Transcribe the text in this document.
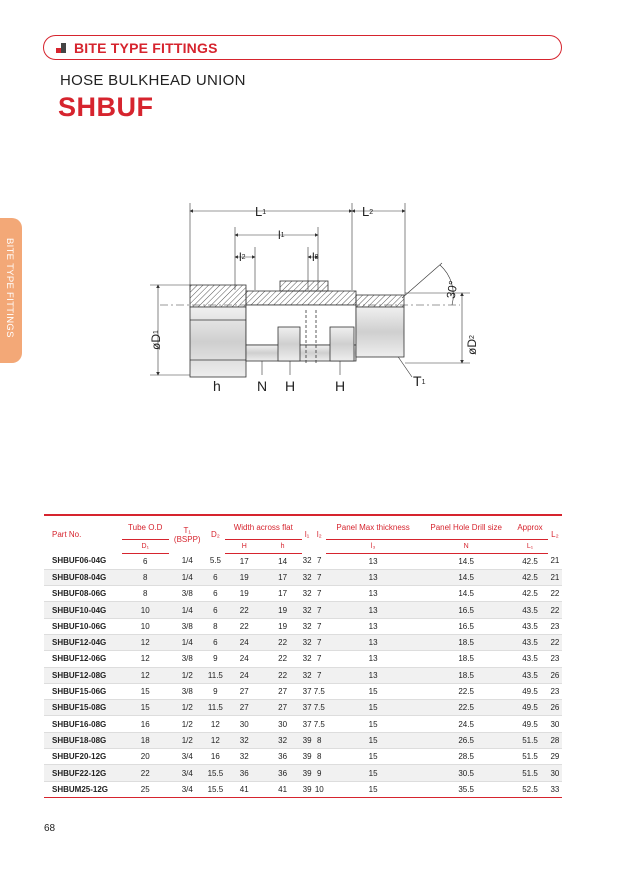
BITE TYPE FITTINGS
HOSE BULKHEAD UNION
SHBUF
BITE TYPE FITTINGS
L1	L2
l1
l2	l3
30°
øD1
øD2
h	N H	H	T1
Part No.	Tube O.D	T₁
(BSPP)	D₂	Width across flat		l₁	l₂	Panel Max thickness	Panel Hole Drill size	Approx	L₂
	D₁			H	h			l₃	N	L₁	
SHBUF06-04G	6	1/4	5.5	17	14	32	7	13	14.5	42.5	21
SHBUF08-04G	8	1/4	6	19	17	32	7	13	14.5	42.5	21
SHBUF08-06G	8	3/8	6	19	17	32	7	13	14.5	42.5	22
SHBUF10-04G	10	1/4	6	22	19	32	7	13	16.5	43.5	22
SHBUF10-06G	10	3/8	8	22	19	32	7	13	16.5	43.5	23
SHBUF12-04G	12	1/4	6	24	22	32	7	13	18.5	43.5	22
SHBUF12-06G	12	3/8	9	24	22	32	7	13	18.5	43.5	23
SHBUF12-08G	12	1/2	11.5	24	22	32	7	13	18.5	43.5	26
SHBUF15-06G	15	3/8	9	27	27	37	7.5	15	22.5	49.5	23
SHBUF15-08G	15	1/2	11.5	27	27	37	7.5	15	22.5	49.5	26
SHBUF16-08G	16	1/2	12	30	30	37	7.5	15	24.5	49.5	30
SHBUF18-08G	18	1/2	12	32	32	39	8	15	26.5	51.5	28
SHBUF20-12G	20	3/4	16	32	36	39	8	15	28.5	51.5	29
SHBUF22-12G	22	3/4	15.5	36	36	39	9	15	30.5	51.5	30
SHBUM25-12G	25	3/4	15.5	41	41	39	10	15	35.5	52.5	33
68
